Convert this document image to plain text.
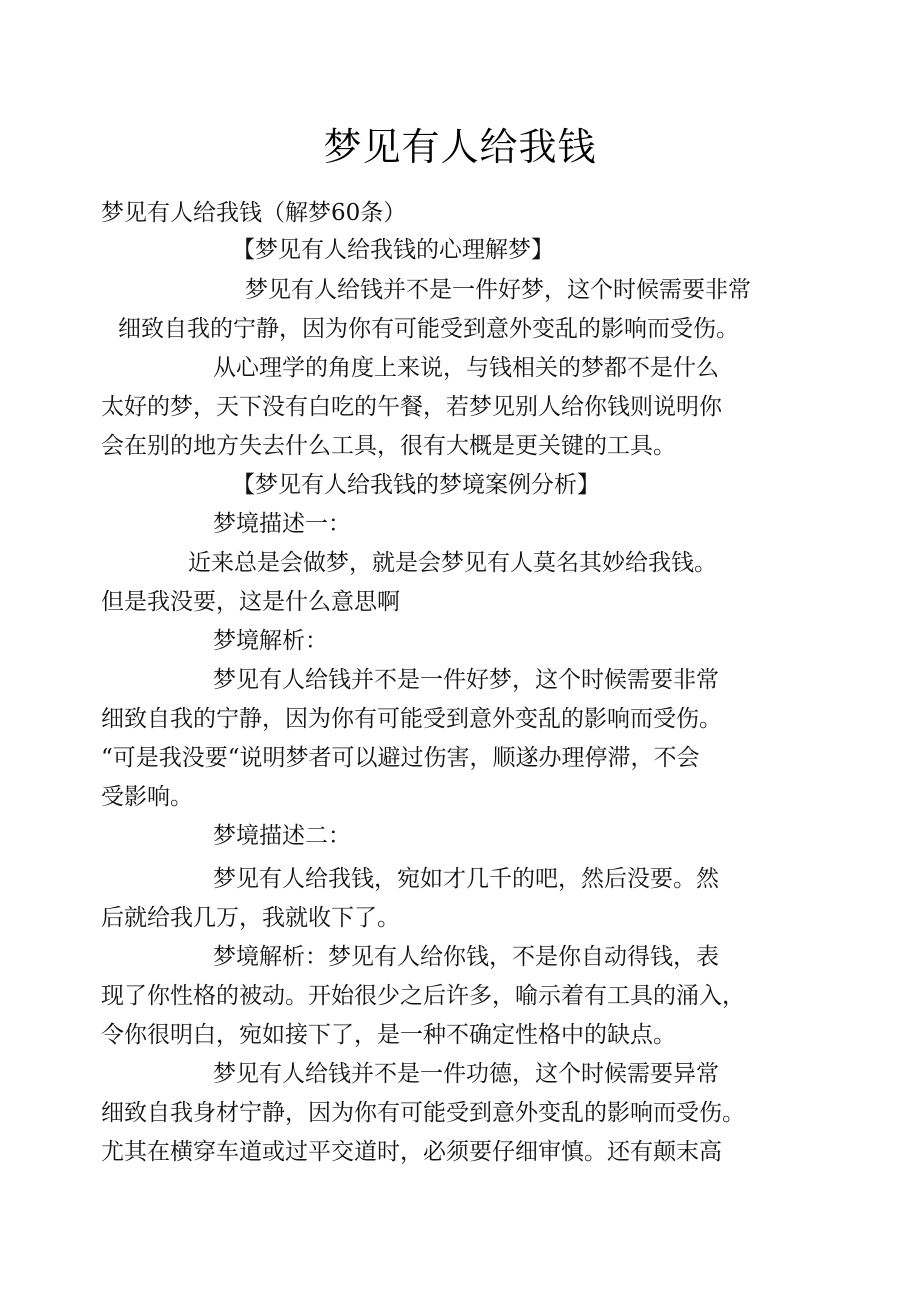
梦见有人给我钱
梦见有人给我钱（解梦60条）
【梦见有人给我钱的心理解梦】
梦见有人给钱并不是一件好梦，这个时候需要非常
细致自我的宁静，因为你有可能受到意外变乱的影响而受伤。
从心理学的角度上来说，与钱相关的梦都不是什么
太好的梦，天下没有白吃的午餐，若梦见别人给你钱则说明你
会在别的地方失去什么工具，很有大概是更关键的工具。
【梦见有人给我钱的梦境案例分析】
梦境描述一：
近来总是会做梦，就是会梦见有人莫名其妙给我钱。
但是我没要，这是什么意思啊
梦境解析：
梦见有人给钱并不是一件好梦，这个时候需要非常
细致自我的宁静，因为你有可能受到意外变乱的影响而受伤。
“可是我没要“说明梦者可以避过伤害，顺遂办理停滞，不会
受影响。
梦境描述二：
梦见有人给我钱，宛如才几千的吧，然后没要。然
后就给我几万，我就收下了。
梦境解析：梦见有人给你钱，不是你自动得钱，表
现了你性格的被动。开始很少之后许多，喻示着有工具的涌入，
令你很明白，宛如接下了，是一种不确定性格中的缺点。
梦见有人给钱并不是一件功德，这个时候需要异常
细致自我身材宁静，因为你有可能受到意外变乱的影响而受伤。
尤其在横穿车道或过平交道时，必须要仔细审慎。还有颠末高
